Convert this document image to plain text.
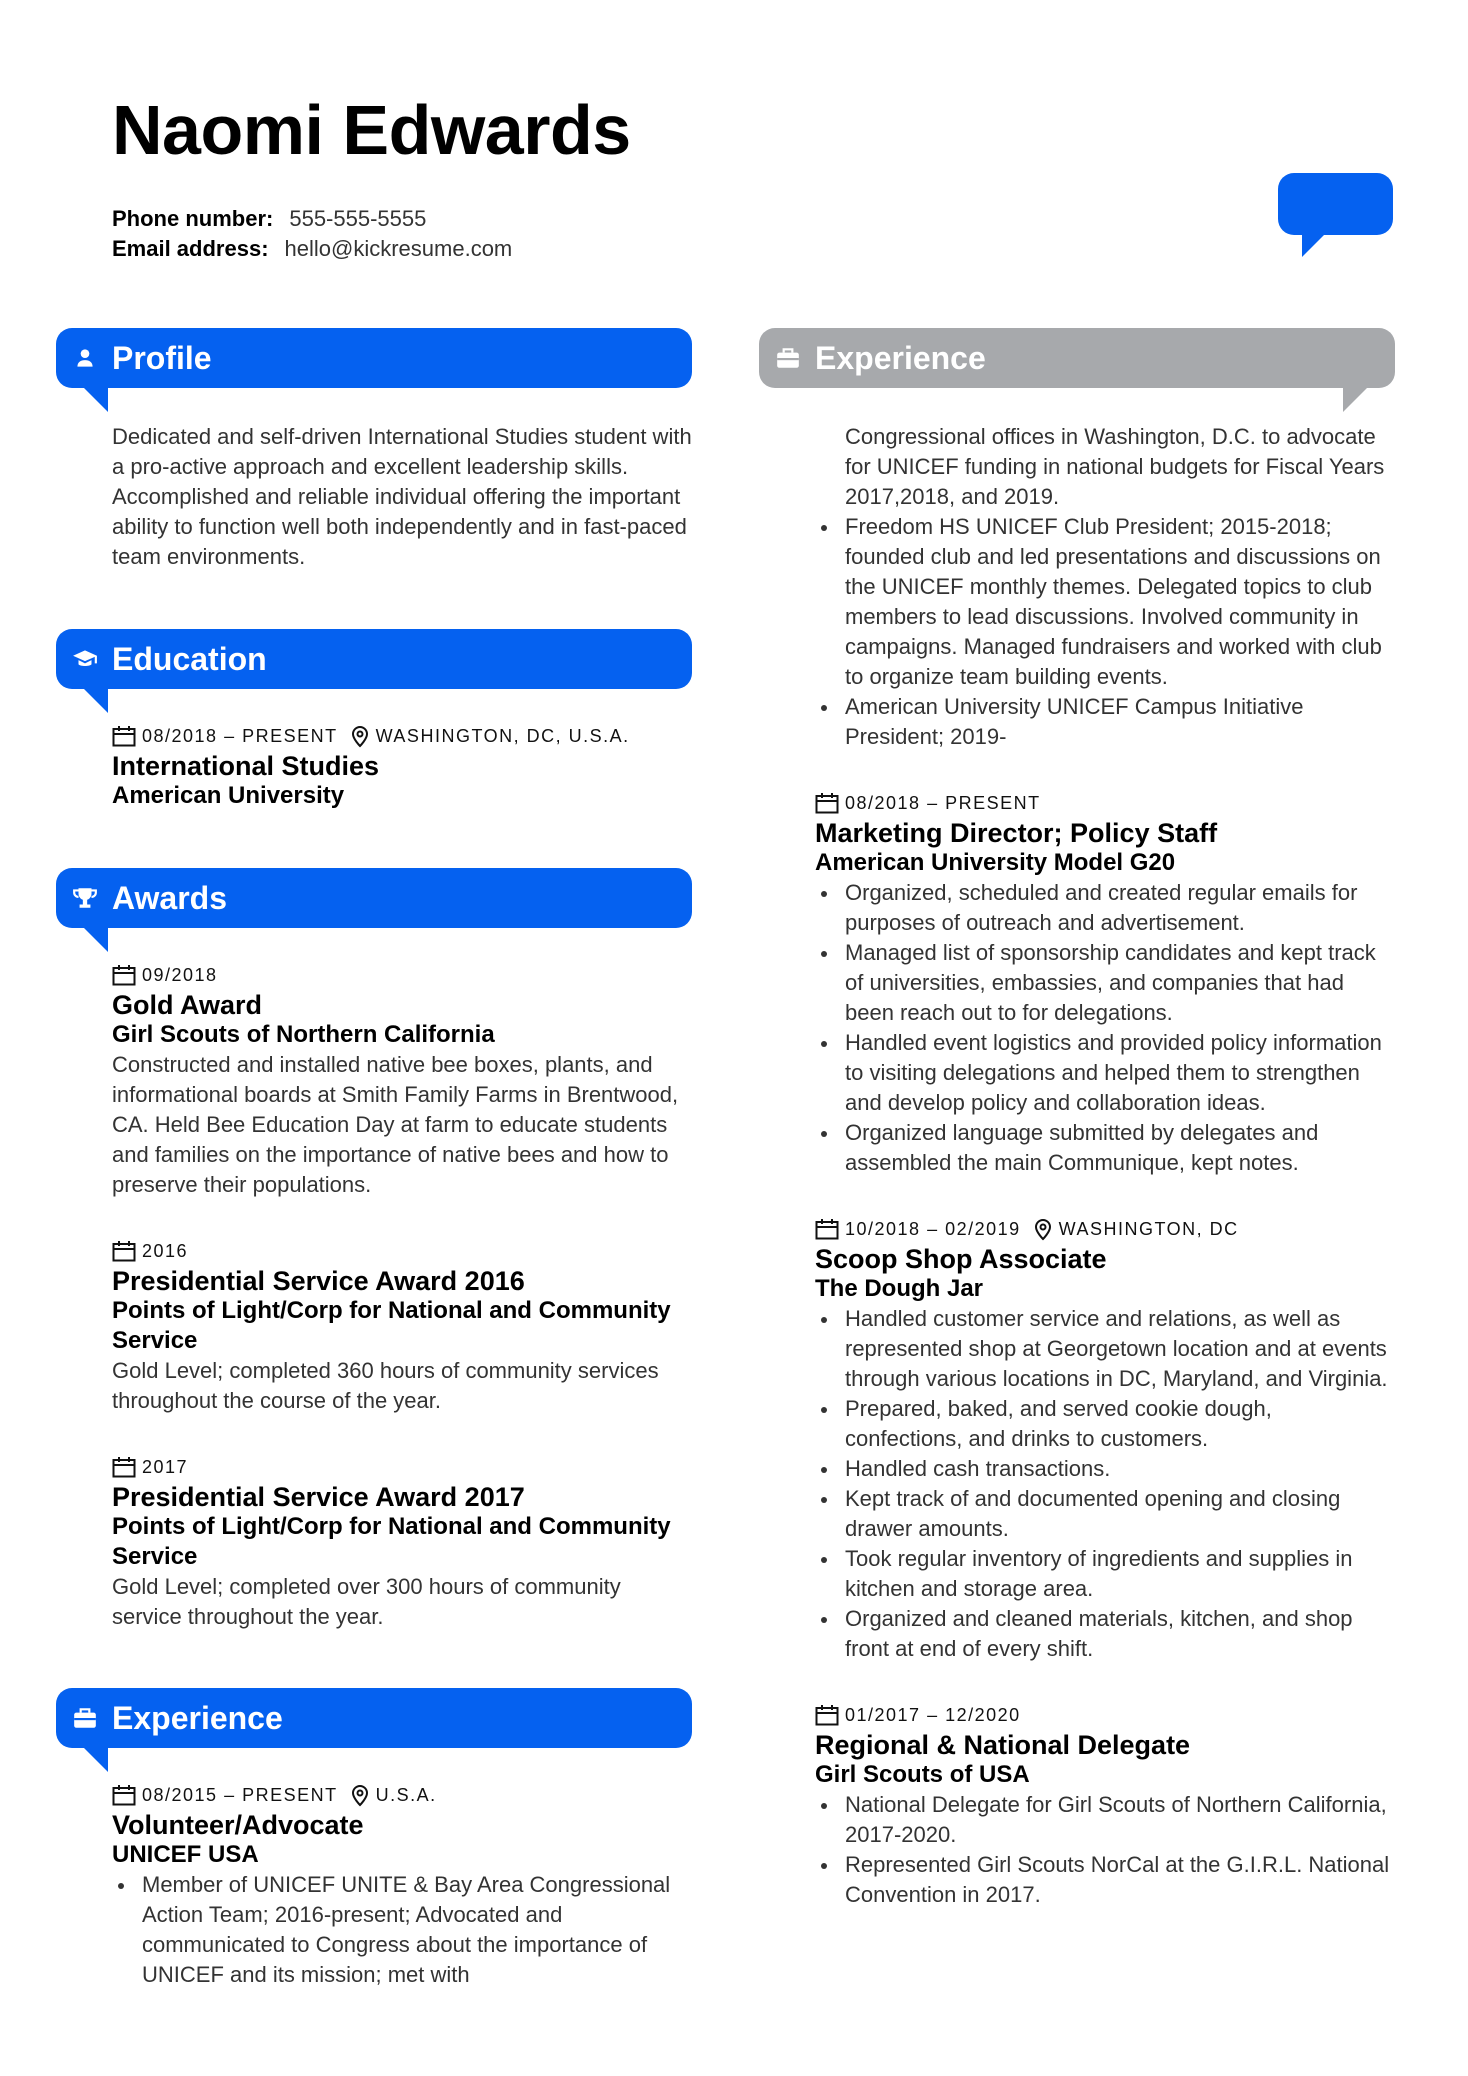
Naomi Edwards
Phone number: 555-555-5555
Email address: hello@kickresume.com
Profile
Dedicated and self-driven International Studies student with a pro-active approach and excellent leadership skills. Accomplished and reliable individual offering the important ability to function well both independently and in fast-paced team environments.
Education
08/2018 – PRESENT WASHINGTON, DC, U.S.A.
International Studies
American University
Awards
09/2018
Gold Award
Girl Scouts of Northern California
Constructed and installed native bee boxes, plants, and informational boards at Smith Family Farms in Brentwood, CA. Held Bee Education Day at farm to educate students and families on the importance of native bees and how to preserve their populations.
2016
Presidential Service Award 2016
Points of Light/Corp for National and Community Service
Gold Level; completed 360 hours of community services throughout the course of the year.
2017
Presidential Service Award 2017
Points of Light/Corp for National and Community Service
Gold Level; completed over 300 hours of community service throughout the year.
Experience
08/2015 – PRESENT U.S.A.
Volunteer/Advocate
UNICEF USA
Member of UNICEF UNITE & Bay Area Congressional Action Team; 2016-present; Advocated and communicated to Congress about the importance of UNICEF and its mission; met with
Experience
Congressional offices in Washington, D.C. to advocate for UNICEF funding in national budgets for Fiscal Years 2017,2018, and 2019.
Freedom HS UNICEF Club President; 2015-2018; founded club and led presentations and discussions on the UNICEF monthly themes. Delegated topics to club members to lead discussions. Involved community in campaigns. Managed fundraisers and worked with club to organize team building events.
American University UNICEF Campus Initiative President; 2019-
08/2018 – PRESENT
Marketing Director; Policy Staff
American University Model G20
Organized, scheduled and created regular emails for purposes of outreach and advertisement.
Managed list of sponsorship candidates and kept track of universities, embassies, and companies that had been reach out to for delegations.
Handled event logistics and provided policy information to visiting delegations and helped them to strengthen and develop policy and collaboration ideas.
Organized language submitted by delegates and assembled the main Communique, kept notes.
10/2018 – 02/2019 WASHINGTON, DC
Scoop Shop Associate
The Dough Jar
Handled customer service and relations, as well as represented shop at Georgetown location and at events through various locations in DC, Maryland, and Virginia.
Prepared, baked, and served cookie dough, confections, and drinks to customers.
Handled cash transactions.
Kept track of and documented opening and closing drawer amounts.
Took regular inventory of ingredients and supplies in kitchen and storage area.
Organized and cleaned materials, kitchen, and shop front at end of every shift.
01/2017 – 12/2020
Regional & National Delegate
Girl Scouts of USA
National Delegate for Girl Scouts of Northern California, 2017-2020.
Represented Girl Scouts NorCal at the G.I.R.L. National Convention in 2017.
